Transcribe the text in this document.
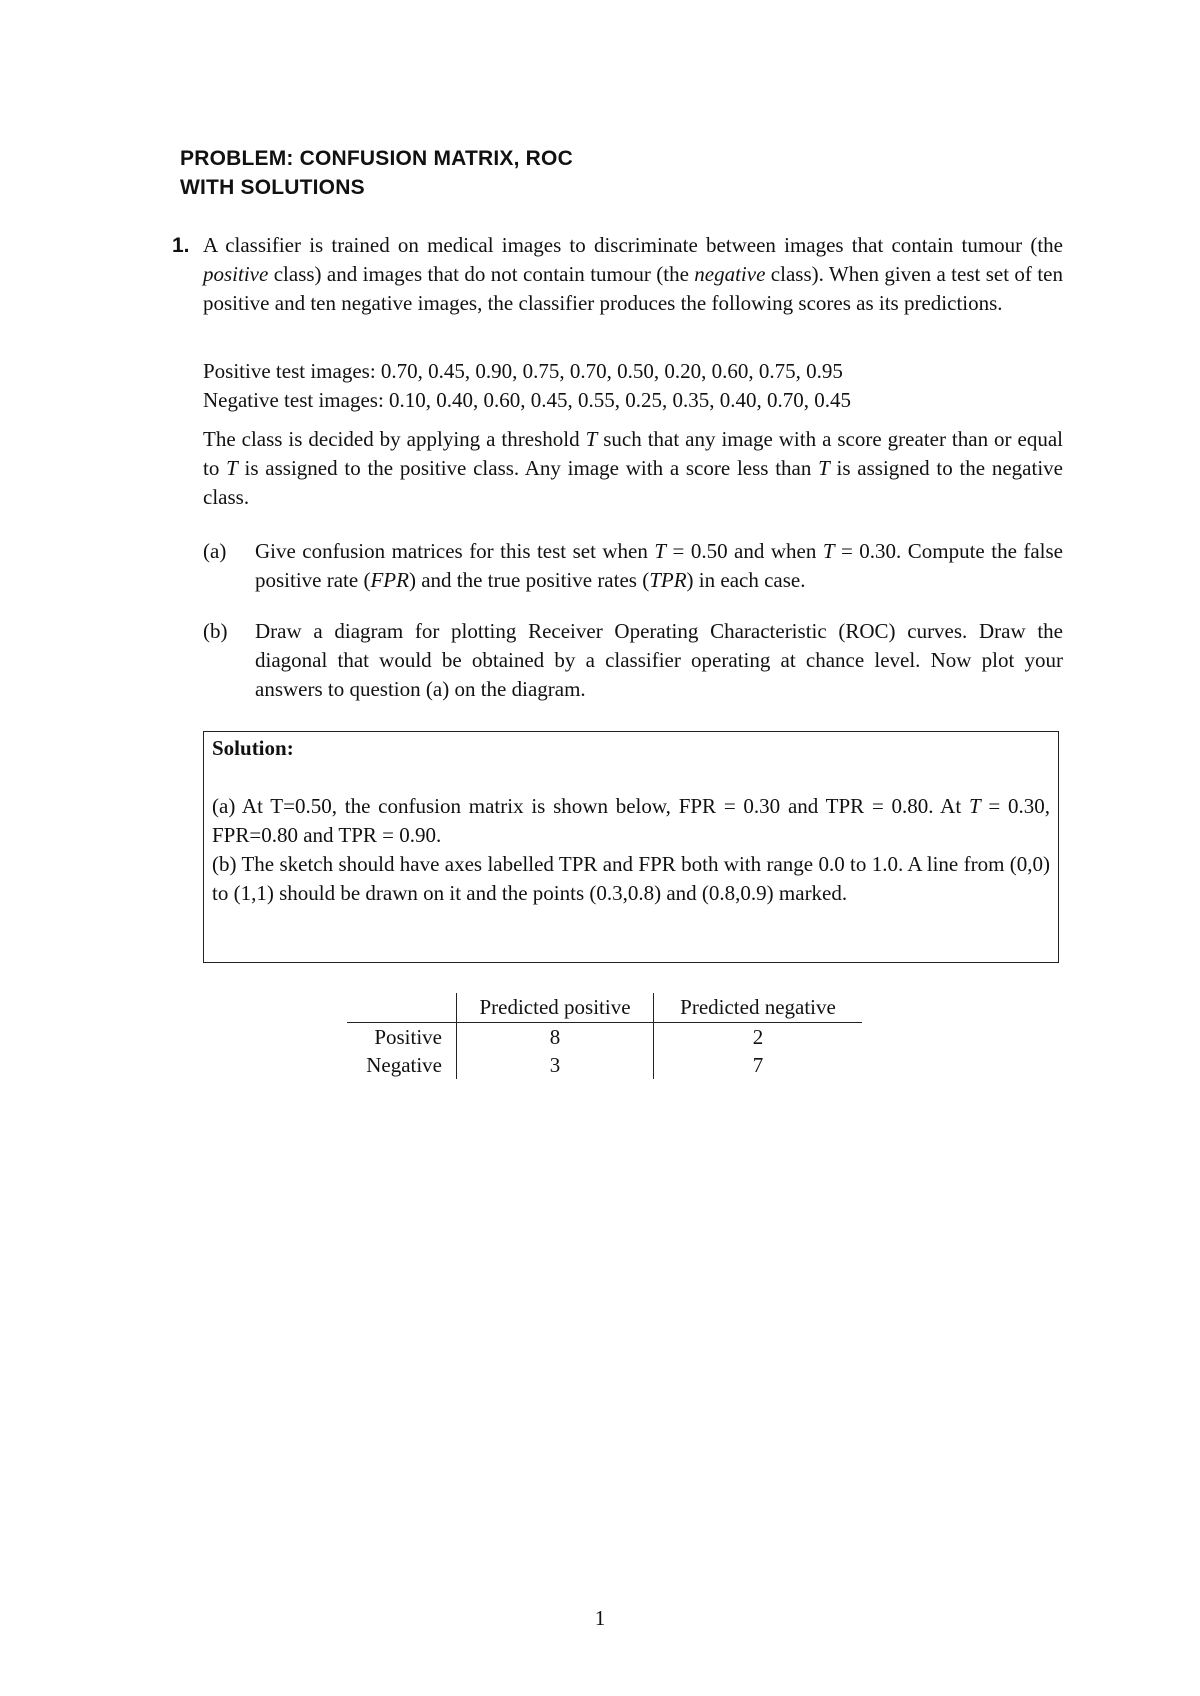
PROBLEM: CONFUSION MATRIX, ROC
WITH SOLUTIONS
1. A classifier is trained on medical images to discriminate between images that contain tumour (the positive class) and images that do not contain tumour (the negative class). When given a test set of ten positive and ten negative images, the classifier produces the following scores as its predictions.
Positive test images: 0.70, 0.45, 0.90, 0.75, 0.70, 0.50, 0.20, 0.60, 0.75, 0.95
Negative test images: 0.10, 0.40, 0.60, 0.45, 0.55, 0.25, 0.35, 0.40, 0.70, 0.45
The class is decided by applying a threshold T such that any image with a score greater than or equal to T is assigned to the positive class. Any image with a score less than T is assigned to the negative class.
(a) Give confusion matrices for this test set when T = 0.50 and when T = 0.30. Compute the false positive rate (FPR) and the true positive rates (TPR) in each case.
(b) Draw a diagram for plotting Receiver Operating Characteristic (ROC) curves. Draw the diagonal that would be obtained by a classifier operating at chance level. Now plot your answers to question (a) on the diagram.
Solution:
(a) At T=0.50, the confusion matrix is shown below, FPR = 0.30 and TPR = 0.80. At T = 0.30, FPR=0.80 and TPR = 0.90.
(b) The sketch should have axes labelled TPR and FPR both with range 0.0 to 1.0. A line from (0,0) to (1,1) should be drawn on it and the points (0.3,0.8) and (0.8,0.9) marked.
	Predicted positive	Predicted negative
Positive	8	2
Negative	3	7
1
